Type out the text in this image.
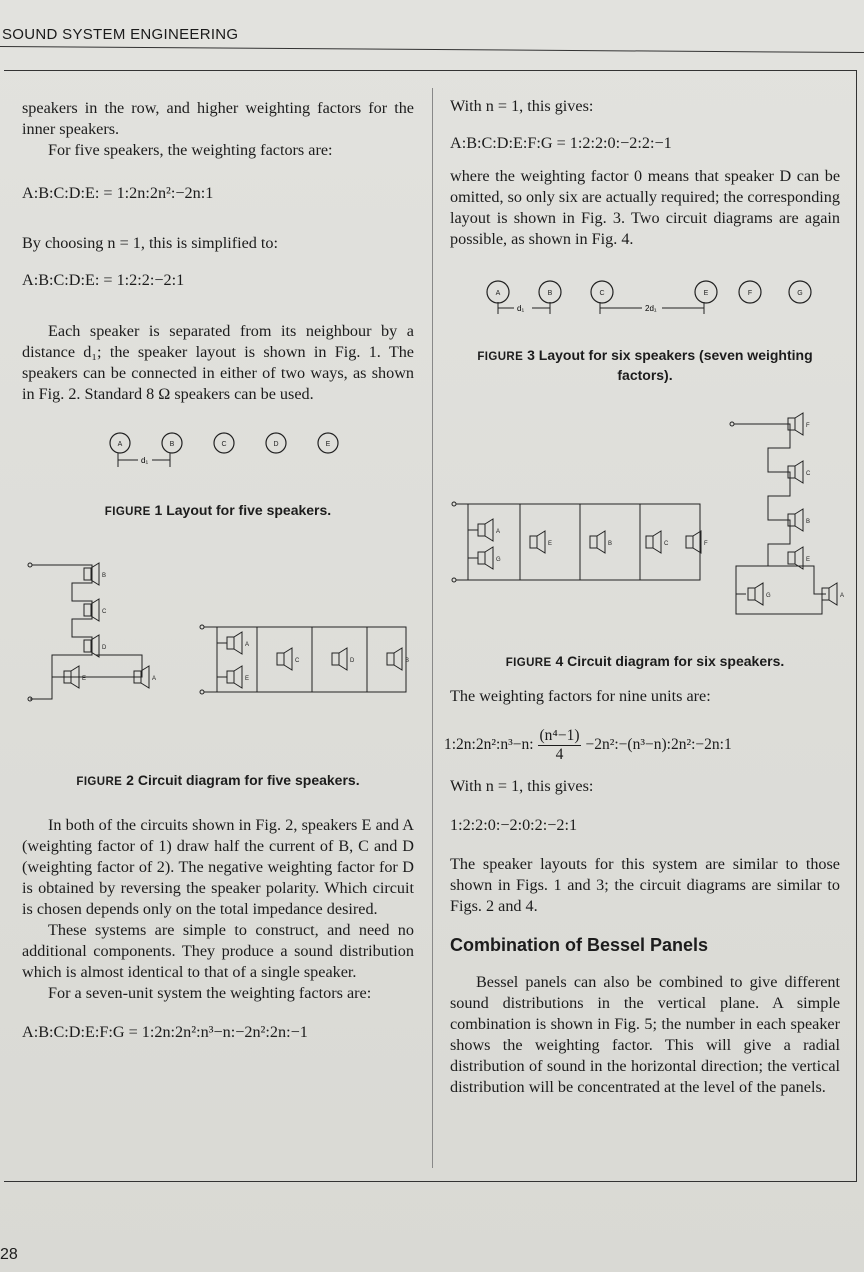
SOUND SYSTEM ENGINEERING

speakers in the row, and higher weighting factors for the inner speakers.

For five speakers, the weighting factors are:

A:B:C:D:E: = 1:2n:2n²:−2n:1

By choosing n = 1, this is simplified to:

A:B:C:D:E: = 1:2:2:−2:1

Each speaker is separated from its neighbour by a distance d₁; the speaker layout is shown in Fig. 1. The speakers can be connected in either of two ways, as shown in Fig. 2. Standard 8 Ω speakers can be used.

A	B	C	D	E
d₁
FIGURE 1 Layout for five speakers.
B
C
D
E	A
A
C	D	B
E
FIGURE 2 Circuit diagram for five speakers.

In both of the circuits shown in Fig. 2, speakers E and A (weighting factor of 1) draw half the current of B, C and D (weighting factor of 2). The negative weighting factor for D is obtained by reversing the speaker polarity. Which circuit is chosen depends only on the total impedance desired.

These systems are simple to construct, and need no additional components. They produce a sound distribution which is almost identical to that of a single speaker.

For a seven-unit system the weighting factors are:

A:B:C:D:E:F:G = 1:2n:2n²:n³−n:−2n²:2n:−1

With n = 1, this gives:

A:B:C:D:E:F:G = 1:2:2:0:−2:2:−1

where the weighting factor 0 means that speaker D can be omitted, so only six are actually required; the corresponding layout is shown in Fig. 3. Two circuit diagrams are again possible, as shown in Fig. 4.

A	B	C	E	F	G
d₁	2d₁
FIGURE 3 Layout for six speakers (seven weighting factors).
A
G
E	B	C	F
F
C
B
E
G	A
FIGURE 4 Circuit diagram for six speakers.

The weighting factors for nine units are:

1:2n:2n²:n³−n: $\frac{\text{(n⁴−1)}}{4}$ −2n²:−(n³−n):2n²:−2n:1

With n = 1, this gives:

1:2:2:0:−2:0:2:−2:1

The speaker layouts for this system are similar to those shown in Figs. 1 and 3; the circuit diagrams are similar to Figs. 2 and 4.

Combination of Bessel Panels

Bessel panels can also be combined to give different sound distributions in the vertical plane. A simple combination is shown in Fig. 5; the number in each speaker shows the weighting factor. This will give a radial distribution of sound in the horizontal direction; the vertical distribution will be concentrated at the level of the panels.

28
